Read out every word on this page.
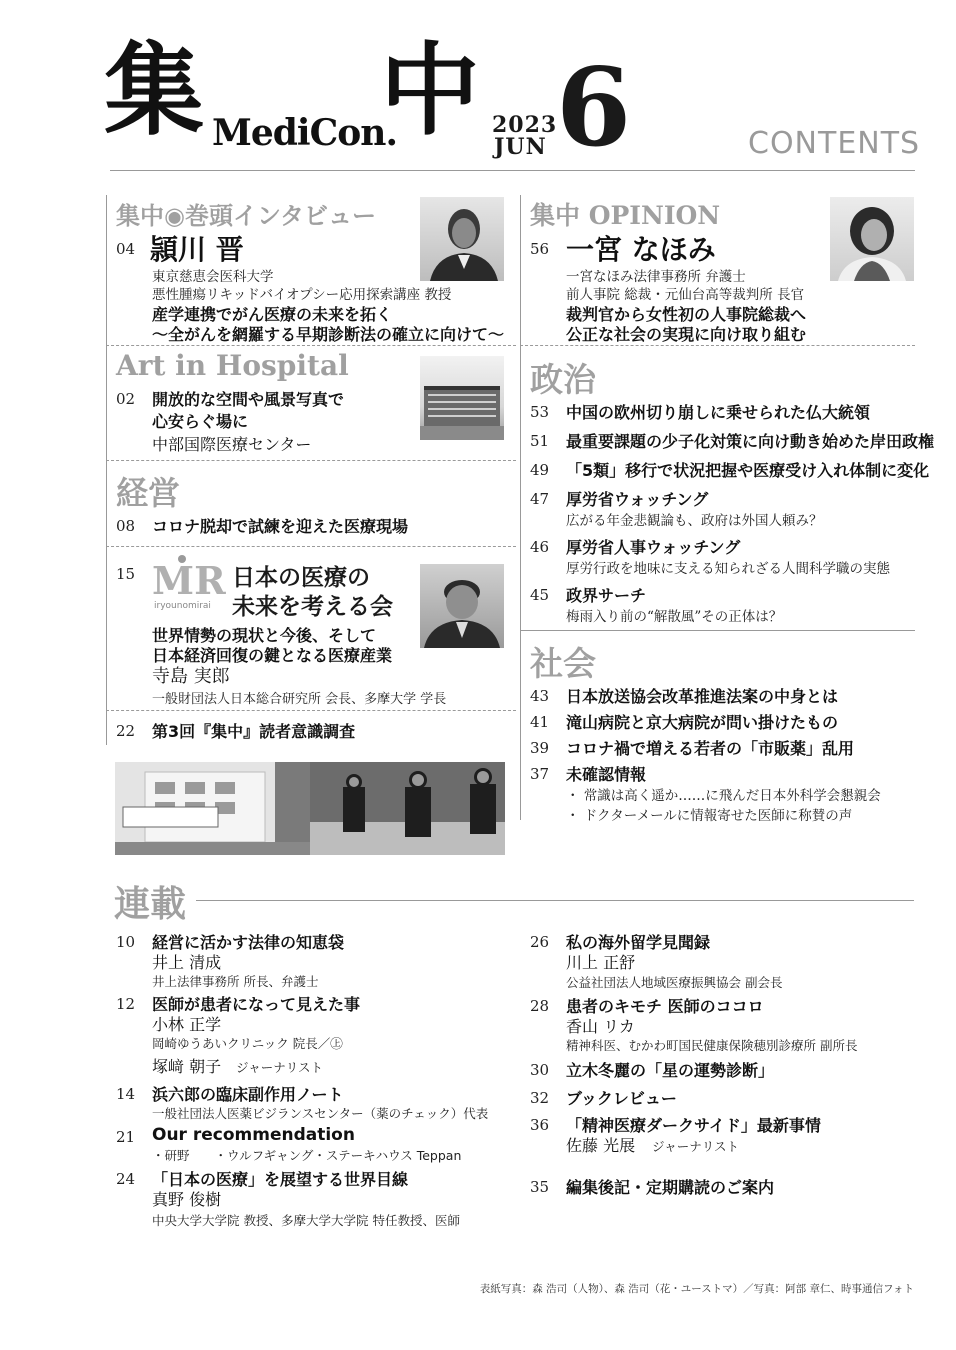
集 MediCon.
中 2023
JUN 6	CONTENTS
集中◉巻頭インタビュー
04 頴川 晋
東京慈恵会医科大学
悪性腫瘍リキッドバイオプシー応用探索講座 教授
産学連携でがん医療の未来を拓く
～全がんを網羅する早期診断法の確立に向けて～
Art in Hospital
02 開放的な空間や風景写真で
心安らぐ場に
中部国際医療センター
経営
08 コロナ脱却で試練を迎えた医療現場
15 MR
iryounomirai
日本の医療の
未来を考える会
世界情勢の現状と今後、そして
日本経済回復の鍵となる医療産業
寺島 実郎
一般財団法人日本総合研究所 会長、多摩大学 学長
22 第3回『集中』読者意識調査
集中 OPINION
56 一宮 なほみ
一宮なほみ法律事務所 弁護士
前人事院 総裁・元仙台高等裁判所 長官
裁判官から女性初の人事院総裁へ
公正な社会の実現に向け取り組む
政治
53 中国の欧州切り崩しに乗せられた仏大統領
51 最重要課題の少子化対策に向け動き始めた岸田政権
49 「5類」移行で状況把握や医療受け入れ体制に変化
47 厚労省ウォッチング
広がる年金悲観論も、政府は外国人頼み？
46 厚労省人事ウォッチング
厚労行政を地味に支える知られざる人間科学職の実態
45 政界サーチ
梅雨入り前の“解散風”その正体は？
社会
43 日本放送協会改革推進法案の中身とは
41 滝山病院と京大病院が問い掛けたもの
39 コロナ禍で増える若者の「市販薬」乱用
37 未確認情報
・ 常識は高く遥か……に飛んだ日本外科学会懇親会
・ ドクターメールに情報寄せた医師に称賛の声
連載
10 経営に活かす法律の知恵袋
井上 清成
井上法律事務所 所長、弁護士
12 医師が患者になって見えた事
小林 正学
岡崎ゆうあいクリニック 院長／㊤
塚﨑 朝子 ジャーナリスト
14 浜六郎の臨床副作用ノート
一般社団法人医薬ビジランスセンター（薬のチェック）代表
21 Our recommendation
・研野　　・ウルフギャング・ステーキハウス Teppan
24 「日本の医療」を展望する世界目線
真野 俊樹
中央大学大学院 教授、多摩大学大学院 特任教授、医師
26 私の海外留学見聞録
川上 正舒
公益社団法人地域医療振興協会 副会長
28 患者のキモチ 医師のココロ
香山 リカ
精神科医、むかわ町国民健康保険穂別診療所 副所長
30 立木冬麗の「星の運勢診断」
32 ブックレビュー
36 「精神医療ダークサイド」最新事情
佐藤 光展 ジャーナリスト
35 編集後記・定期購読のご案内
表紙写真：森 浩司（人物）、森 浩司（花・ユーストマ）／写真：阿部 章仁、時事通信フォト
